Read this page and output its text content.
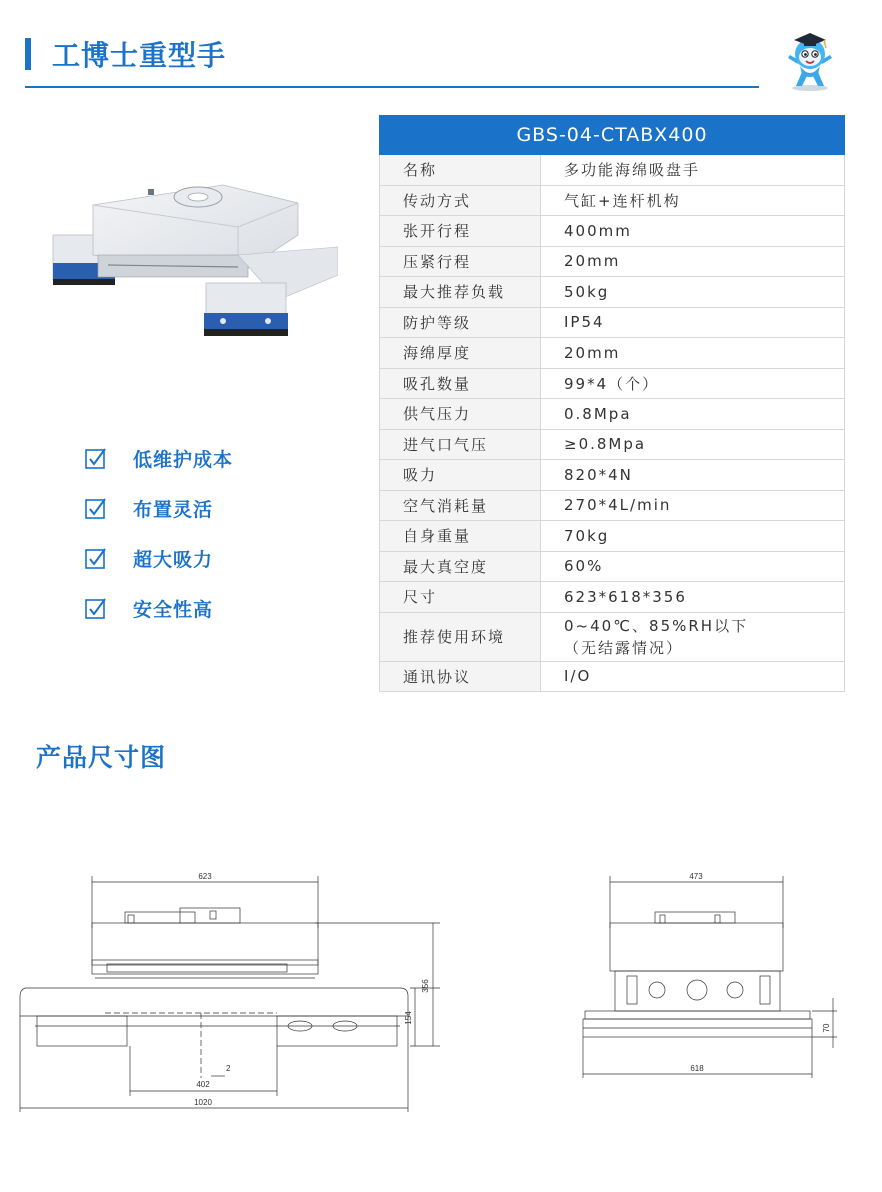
工博士重型手
低维护成本
布置灵活
超大吸力
安全性高
GBS-04-CTABX400	
名称	多功能海绵吸盘手
传动方式	气缸+连杆机构
张开行程	400mm
压紧行程	20mm
最大推荐负载	50kg
防护等级	IP54
海绵厚度	20mm
吸孔数量	99*4（个）
供气压力	0.8Mpa
进气口气压	≥0.8Mpa
吸力	820*4N
空气消耗量	270*4L/min
自身重量	70kg
最大真空度	60%
尺寸	623*618*356
推荐使用环境	0~40℃、85%RH以下
（无结露情况）

通讯协议	I/O
产品尺寸图
623
356
154
2
402
1020
473
70
618
